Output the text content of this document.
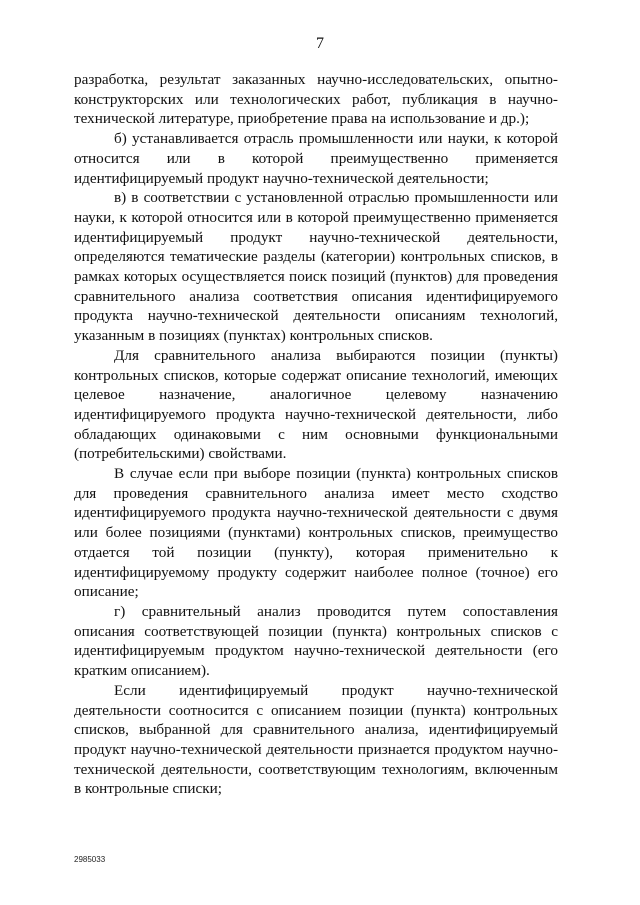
7

разработка, результат заказанных научно-исследовательских, опытно-конструкторских или технологических работ, публикация в научно-технической литературе, приобретение права на использование и др.);

б) устанавливается отрасль промышленности или науки, к которой относится или в которой преимущественно применяется идентифицируемый продукт научно-технической деятельности;

в) в соответствии с установленной отраслью промышленности или науки, к которой относится или в которой преимущественно применяется идентифицируемый продукт научно-технической деятельности, определяются тематические разделы (категории) контрольных списков, в рамках которых осуществляется поиск позиций (пунктов) для проведения сравнительного анализа соответствия описания идентифицируемого продукта научно-технической деятельности описаниям технологий, указанным в позициях (пунктах) контрольных списков.

Для сравнительного анализа выбираются позиции (пункты) контрольных списков, которые содержат описание технологий, имеющих целевое назначение, аналогичное целевому назначению идентифицируемого продукта научно-технической деятельности, либо обладающих одинаковыми с ним основными функциональными (потребительскими) свойствами.

В случае если при выборе позиции (пункта) контрольных списков для проведения сравнительного анализа имеет место сходство идентифицируемого продукта научно-технической деятельности с двумя или более позициями (пунктами) контрольных списков, преимущество отдается той позиции (пункту), которая применительно к идентифицируемому продукту содержит наиболее полное (точное) его описание;

г) сравнительный анализ проводится путем сопоставления описания соответствующей позиции (пункта) контрольных списков с идентифицируемым продуктом научно-технической деятельности (его кратким описанием).

Если идентифицируемый продукт научно-технической деятельности соотносится с описанием позиции (пункта) контрольных списков, выбранной для сравнительного анализа, идентифицируемый продукт научно-технической деятельности признается продуктом научно-технической деятельности, соответствующим технологиям, включенным в контрольные списки;

2985033
